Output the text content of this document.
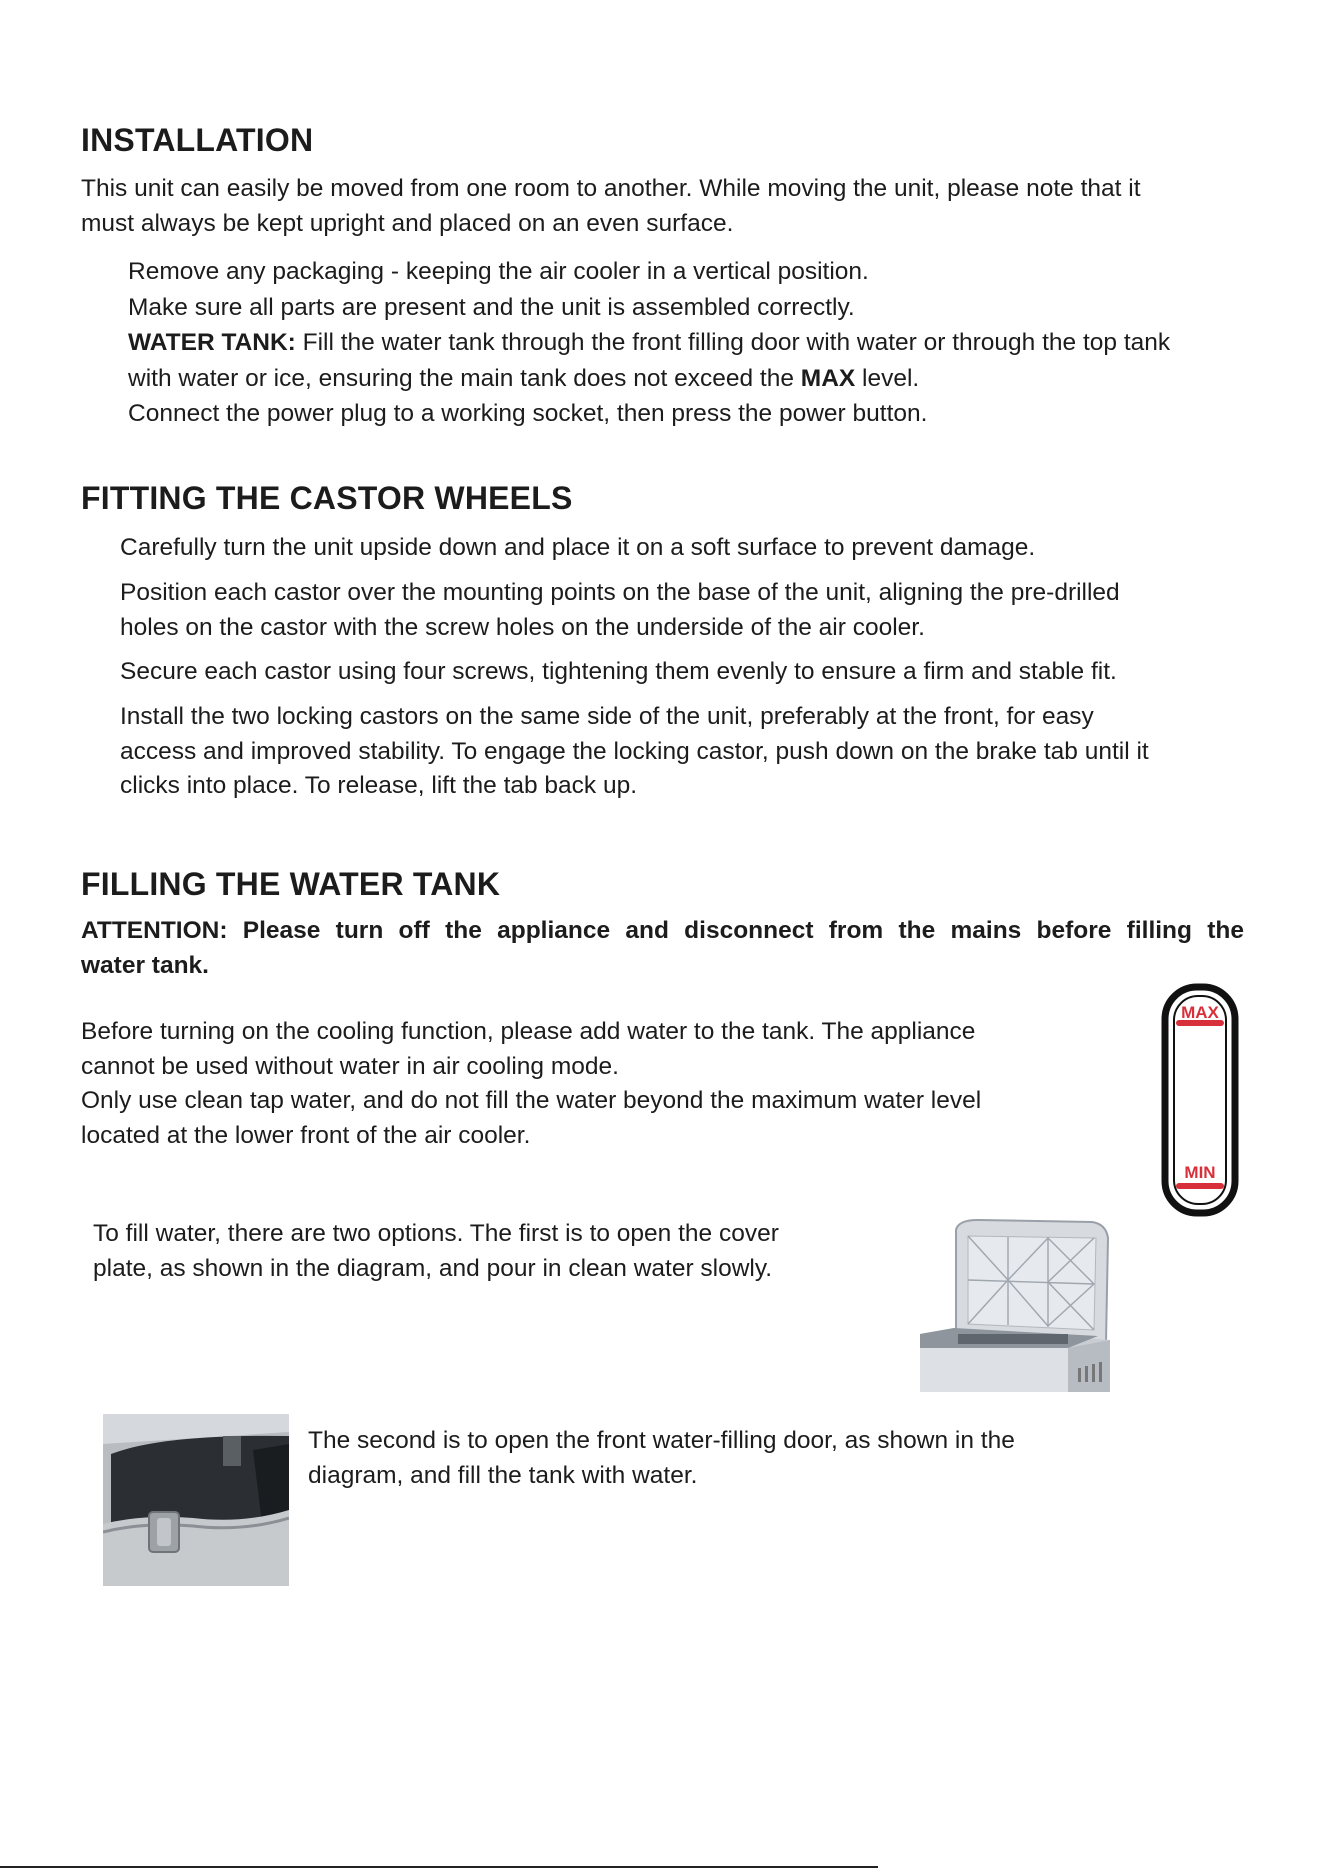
INSTALLATION

This unit can easily be moved from one room to another. While moving the unit, please note that it
must always be kept upright and placed on an even surface.

Remove any packaging - keeping the air cooler in a vertical position.
Make sure all parts are present and the unit is assembled correctly.
WATER TANK: Fill the water tank through the front filling door with water or through the top tank
with water or ice, ensuring the main tank does not exceed the MAX level.
Connect the power plug to a working socket, then press the power button.
FITTING THE CASTOR WHEELS

Carefully turn the unit upside down and place it on a soft surface to prevent damage.

Position each castor over the mounting points on the base of the unit, aligning the pre-drilled
holes on the castor with the screw holes on the underside of the air cooler.

Secure each castor using four screws, tightening them evenly to ensure a firm and stable fit.

Install the two locking castors on the same side of the unit, preferably at the front, for easy
access and improved stability. To engage the locking castor, push down on the brake tab until it
clicks into place. To release, lift the tab back up.

FILLING THE WATER TANK

ATTENTION: Please turn off the appliance and disconnect from the mains before filling the
water tank.

Before turning on the cooling function, please add water to the tank. The appliance
cannot be used without water in air cooling mode.
Only use clean tap water, and do not fill the water beyond the maximum water level
located at the lower front of the air cooler.

MAX
MIN

To fill water, there are two options. The first is to open the cover
plate, as shown in the diagram, and pour in clean water slowly.

The second is to open the front water-filling door, as shown in the
diagram, and fill the tank with water.
